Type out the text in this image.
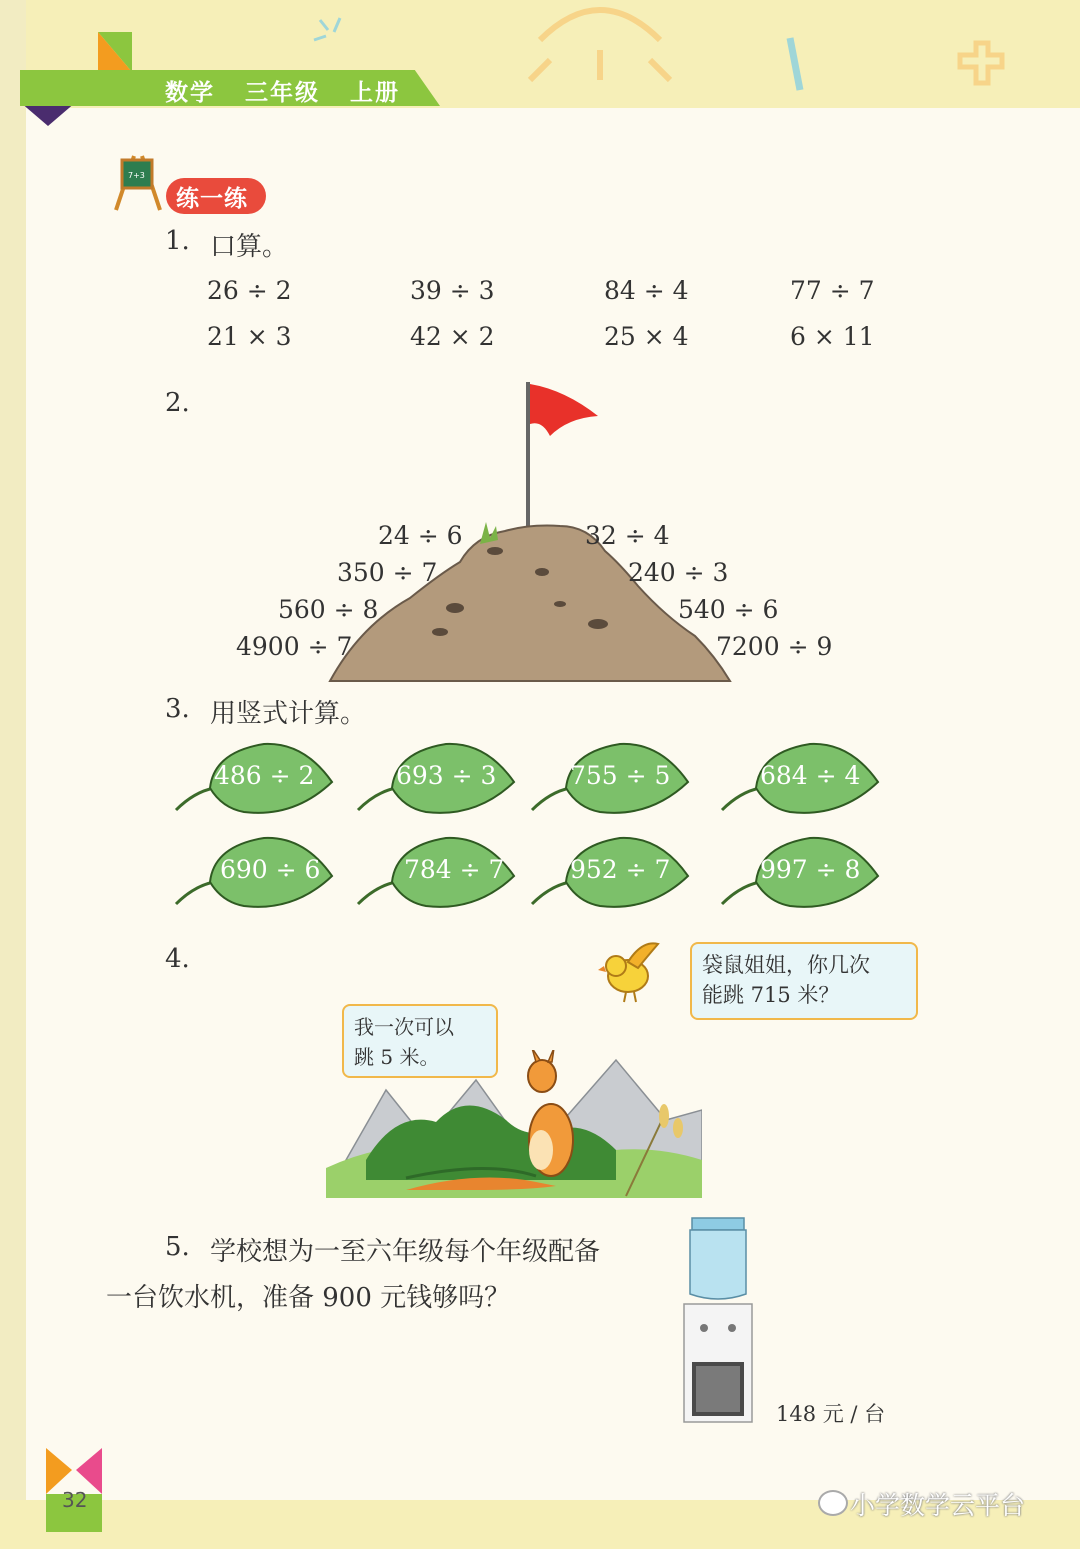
数学   三年级   上册
7+3
练一练
1. 口算。
26 ÷ 2	39 ÷ 3	84 ÷ 4	77 ÷ 7
21 × 3	42 × 2	25 × 4	6 × 11
2.
24 ÷ 6
350 ÷ 7
560 ÷ 8
4900 ÷ 7
32 ÷ 4
240 ÷ 3
540 ÷ 6
7200 ÷ 9
3. 用竖式计算。
486 ÷ 2	693 ÷ 3	755 ÷ 5	684 ÷ 4
690 ÷ 6	784 ÷ 7	952 ÷ 7	997 ÷ 8
4.	袋鼠姐姐，你几次
能跳 715 米？
我一次可以
跳 5 米。
5. 学校想为一至六年级每个年级配备
一台饮水机，准备 900 元钱够吗？
148 元 / 台
32	小学数学云平台
